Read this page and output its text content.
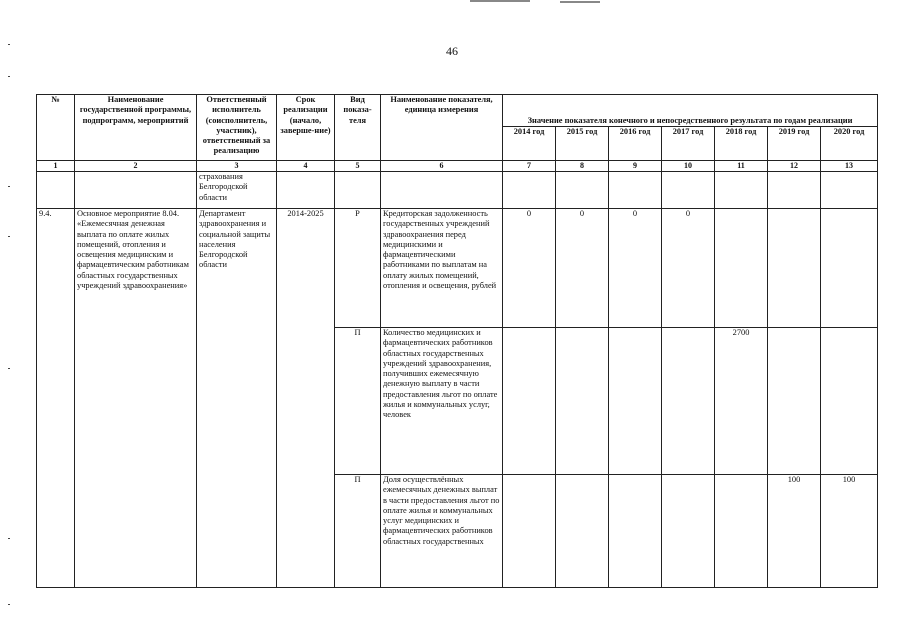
46
№	Наименование государственной программы, подпрограмм, мероприятий	Ответственный исполнитель (соисполнитель, участник), ответственный за реализацию	Срок реализации (начало, заверше-ние)	Вид показа-теля	Наименование показателя, единица измерения	Значение показателя конечного и непосредственного результата по годам реализации						
						2014 год	2015 год	2016 год	2017 год	2018 год	2019 год	2020 год
1	2	3	4	5	6	7	8	9	10	11	12	13
		страхования Белгородской области										
9.4.	Основное мероприятие 8.04. «Ежемесячная денежная выплата по оплате жилых помещений, отопления и освещения медицинским и фармацевтическим работникам областных государственных учреждений здравоохранения»	Департамент здравоохранения и социальной защиты населения Белгородской области	2014-2025	Р	Кредиторская задолженность государственных учреждений здравоохранения перед медицинскими и фармацевтическими работниками по выплатам на оплату жилых помещений, отопления и освещения, рублей	0	0	0	0			
				П	Количество медицинских и фармацевтических работников областных государственных учреждений здравоохранения, получивших ежемесячную денежную выплату в части предоставления льгот по оплате жилья и коммунальных услуг, человек					2700		
				П	Доля осуществлённых ежемесячных денежных выплат в части предоставления льгот по оплате жилья и коммунальных услуг медицинских и фармацевтических работников областных государственных						100	100
